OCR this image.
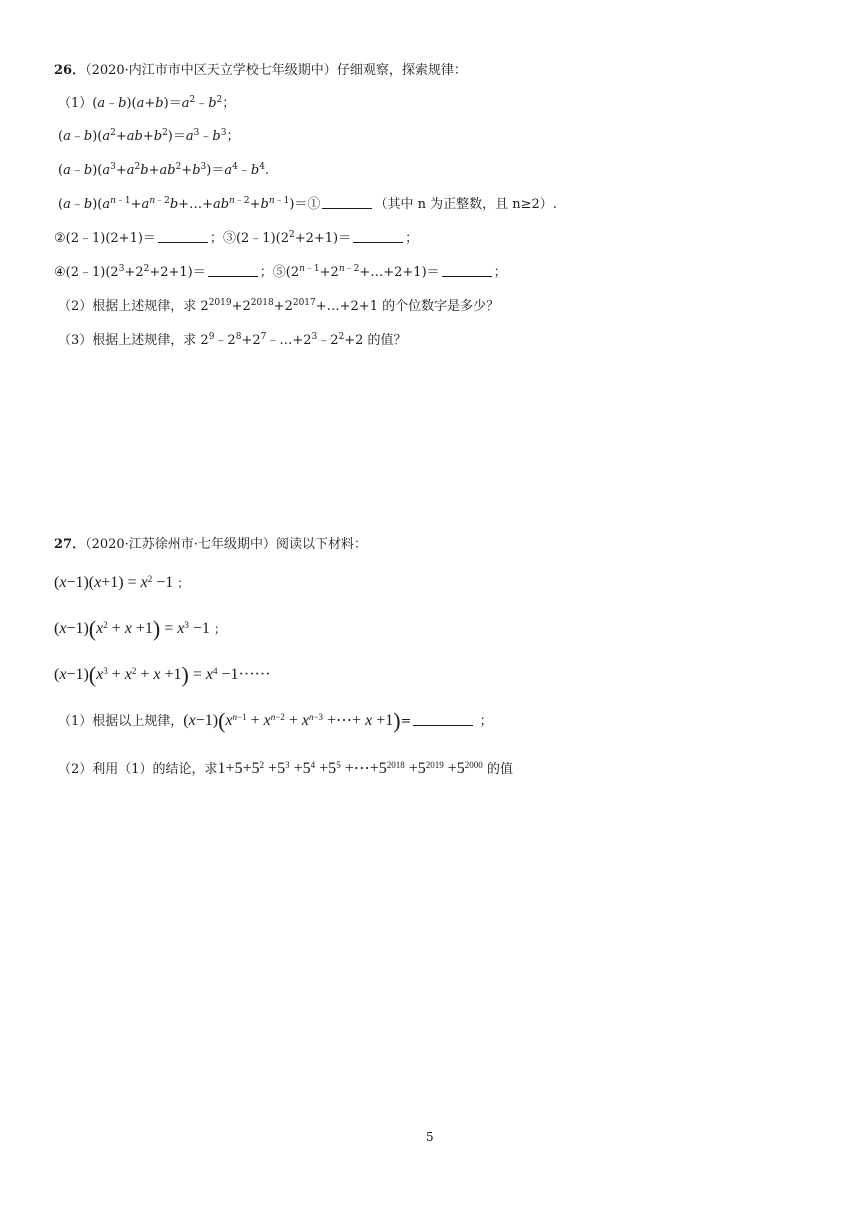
26．（2020·内江市市中区天立学校七年级期中）仔细观察，探索规律：
$(1)(a﹣b)(a+b)=a^2﹣b^2$；
$(a﹣b)(a^2+ab+b^2)=a^3﹣b^3$；
$(a﹣b)(a^3+a^2b+ab^2+b^3)=a^4﹣b^4$.
$(a﹣b)(a^{n﹣1}+a^{n﹣2}b+\dots+ab^{n﹣2}+b^{n﹣1})=①$	（其中 n 为正整数，且 n≥2）.
②(2﹣1)(2+1)＝	；$③(2﹣1)(2^2+2+1)=$	；
$④(2﹣1)(2^3+2^2+2+1)=$	；$⑤(2^{n﹣1}+2^{n﹣2}+\dots+2+1)=$	；
（2）根据上述规律，求 $2^{2019}+2^{2018}+2^{2017}+\dots+2+1$ 的个位数字是多少？
（3）根据上述规律，求 $2^9﹣2^8+2^7﹣\dots+2^3﹣2^2+2$ 的值？
27．（2020·江苏徐州市·七年级期中）阅读以下材料：
$(x-1)(x+1) = x^2 -1$ ；
$(x-1)(x^2 + x +1) = x^3 -1$ ；
$(x-1)(x^3 + x^2 + x +1) = x^4 -1\cdot\cdot\cdot\cdot\cdot\cdot$
（1）根据以上规律，$(x-1)(x^{n-1} + x^{n-2} + x^{n-3}$ +⋯+ x +1)=	；
（2）利用（1）的结论，求$1+5+5^2 +5^3 +5^4 +5^5$ $+\cdots+5^{2018} +5^{2019} +5^{2000}$ 的值
5
